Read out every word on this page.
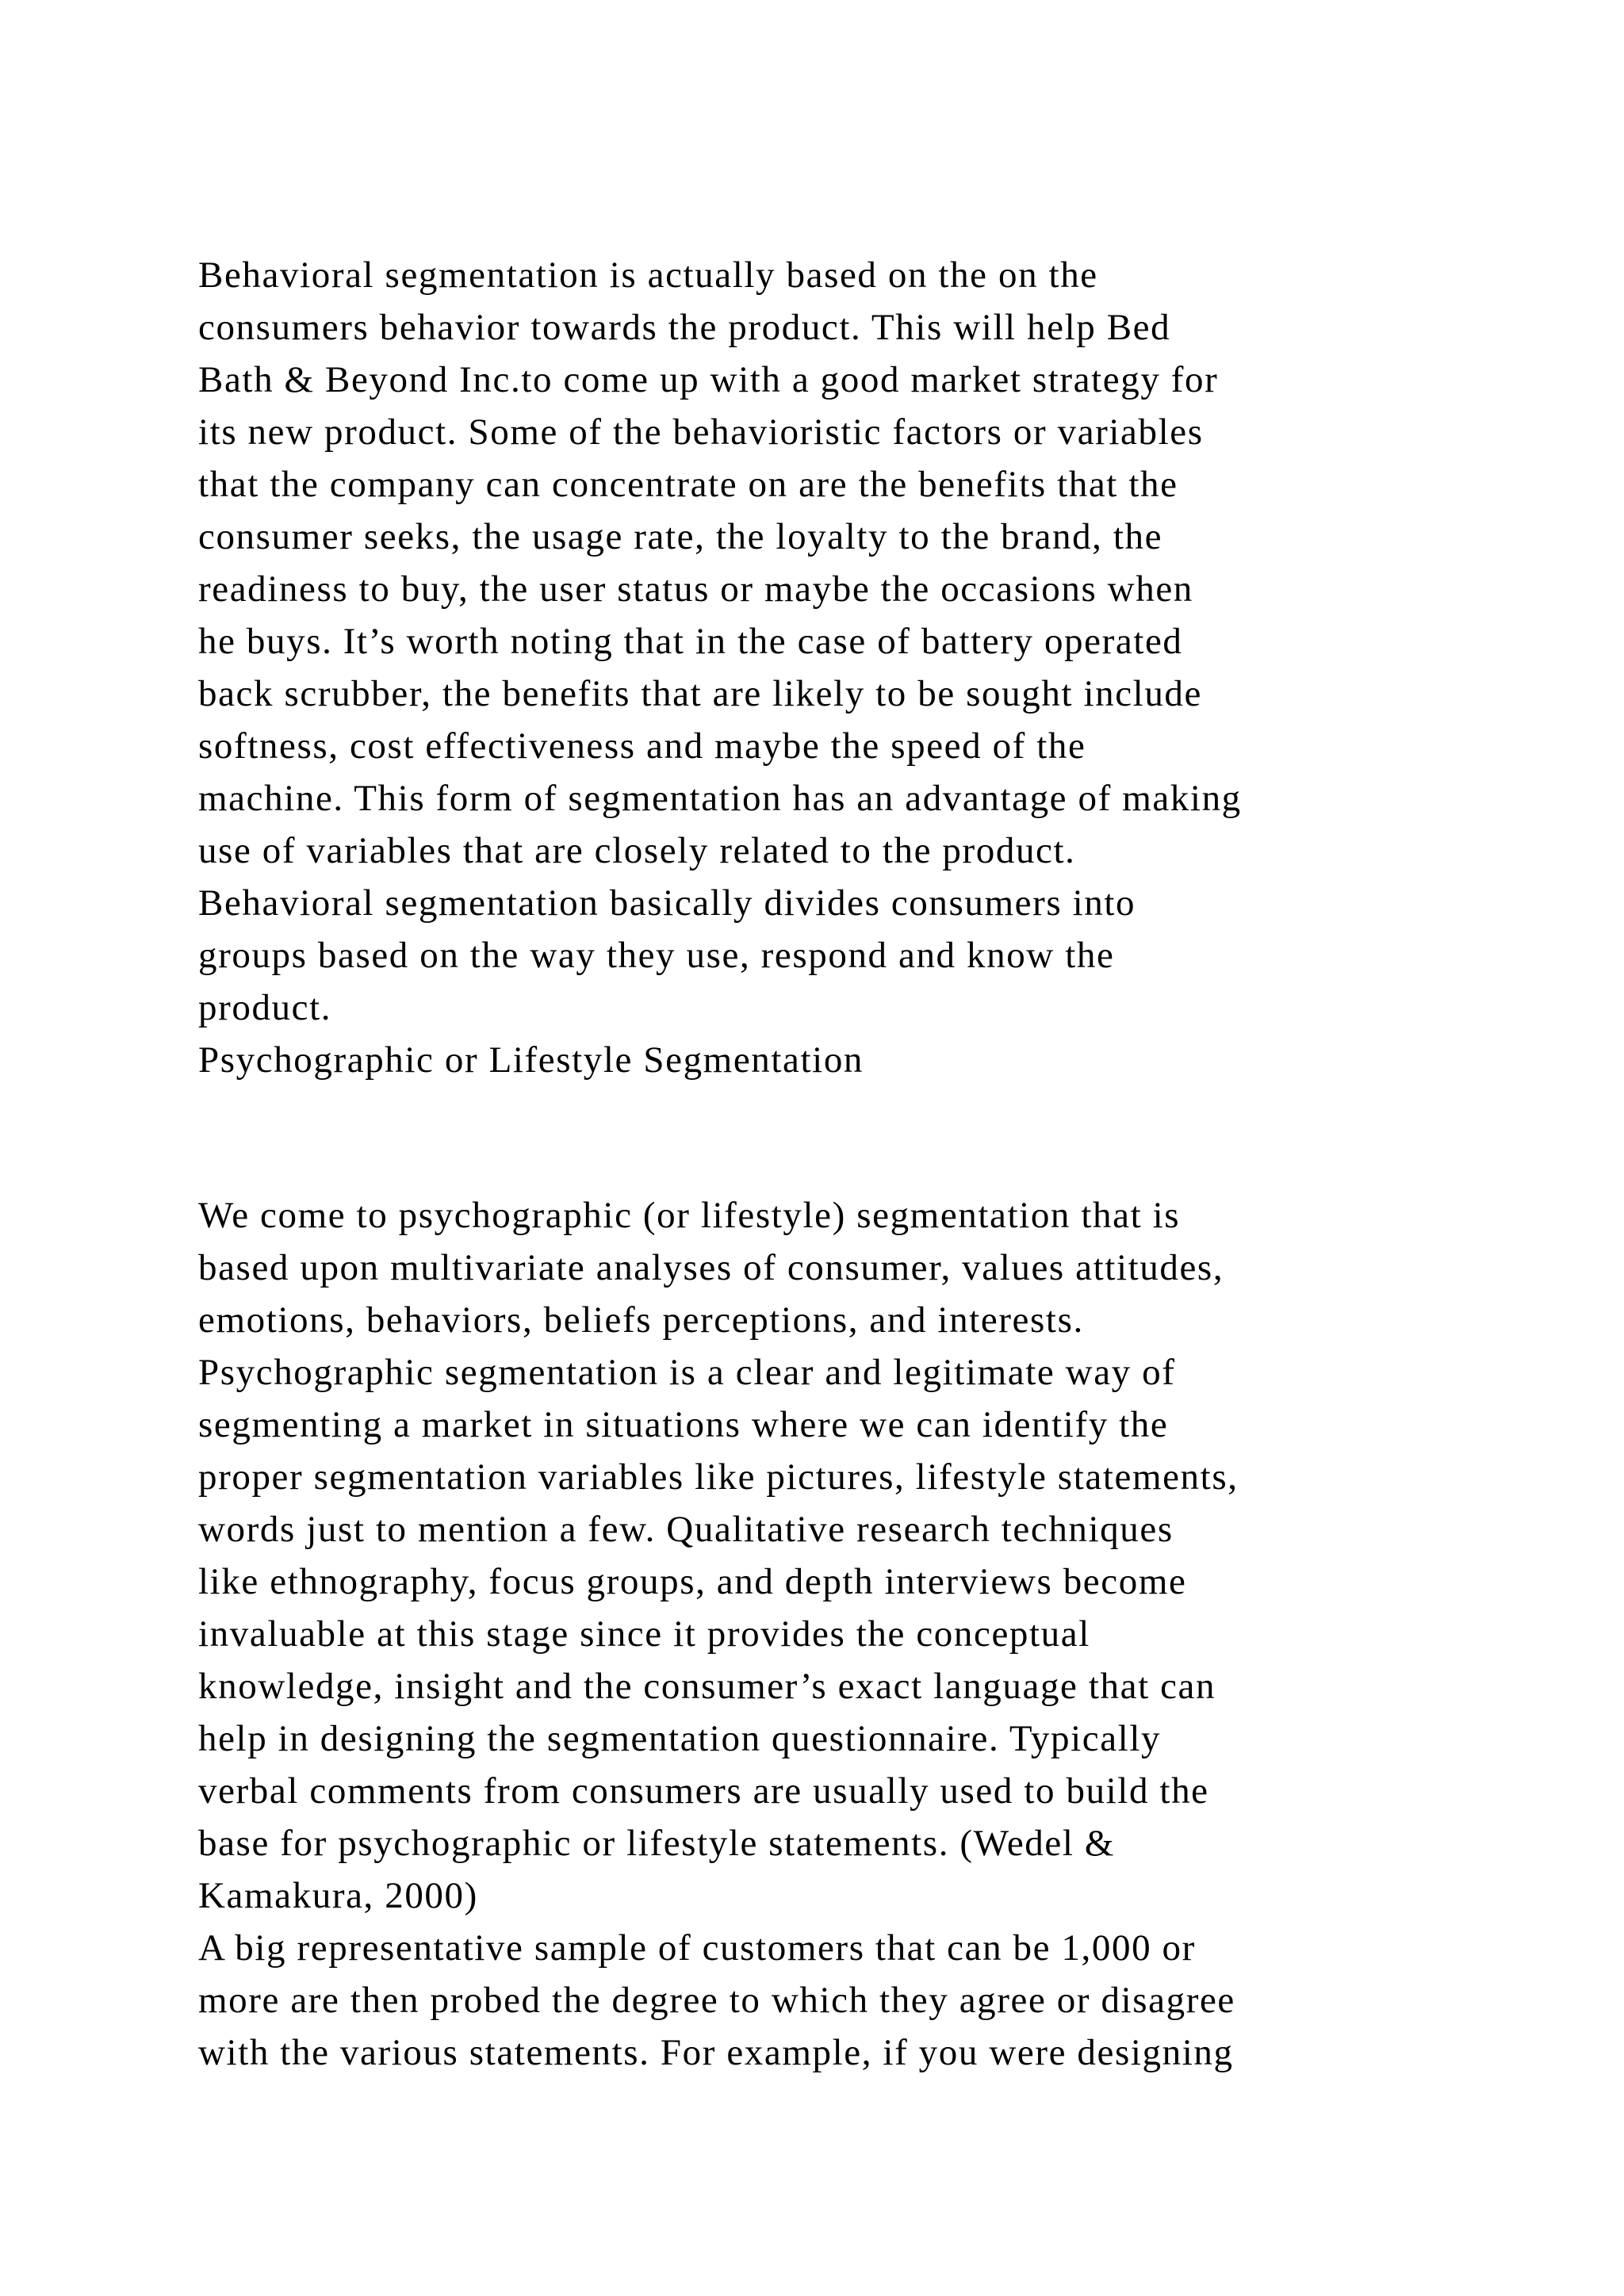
Behavioral segmentation is actually based on the on the
consumers behavior towards the product. This will help Bed
Bath & Beyond Inc.to come up with a good market strategy for
its new product. Some of the behavioristic factors or variables
that the company can concentrate on are the benefits that the
consumer seeks, the usage rate, the loyalty to the brand, the
readiness to buy, the user status or maybe the occasions when
he buys. It’s worth noting that in the case of battery operated
back scrubber, the benefits that are likely to be sought include
softness, cost effectiveness and maybe the speed of the
machine. This form of segmentation has an advantage of making
use of variables that are closely related to the product.
Behavioral segmentation basically divides consumers into
groups based on the way they use, respond and know the
product.
Psychographic or Lifestyle Segmentation

We come to psychographic (or lifestyle) segmentation that is
based upon multivariate analyses of consumer, values attitudes,
emotions, behaviors, beliefs perceptions, and interests.
Psychographic segmentation is a clear and legitimate way of
segmenting a market in situations where we can identify the
proper segmentation variables like pictures, lifestyle statements,
words just to mention a few. Qualitative research techniques
like ethnography, focus groups, and depth interviews become
invaluable at this stage since it provides the conceptual
knowledge, insight and the consumer’s exact language that can
help in designing the segmentation questionnaire. Typically
verbal comments from consumers are usually used to build the
base for psychographic or lifestyle statements. (Wedel &
Kamakura, 2000)
A big representative sample of customers that can be 1,000 or
more are then probed the degree to which they agree or disagree
with the various statements. For example, if you were designing
